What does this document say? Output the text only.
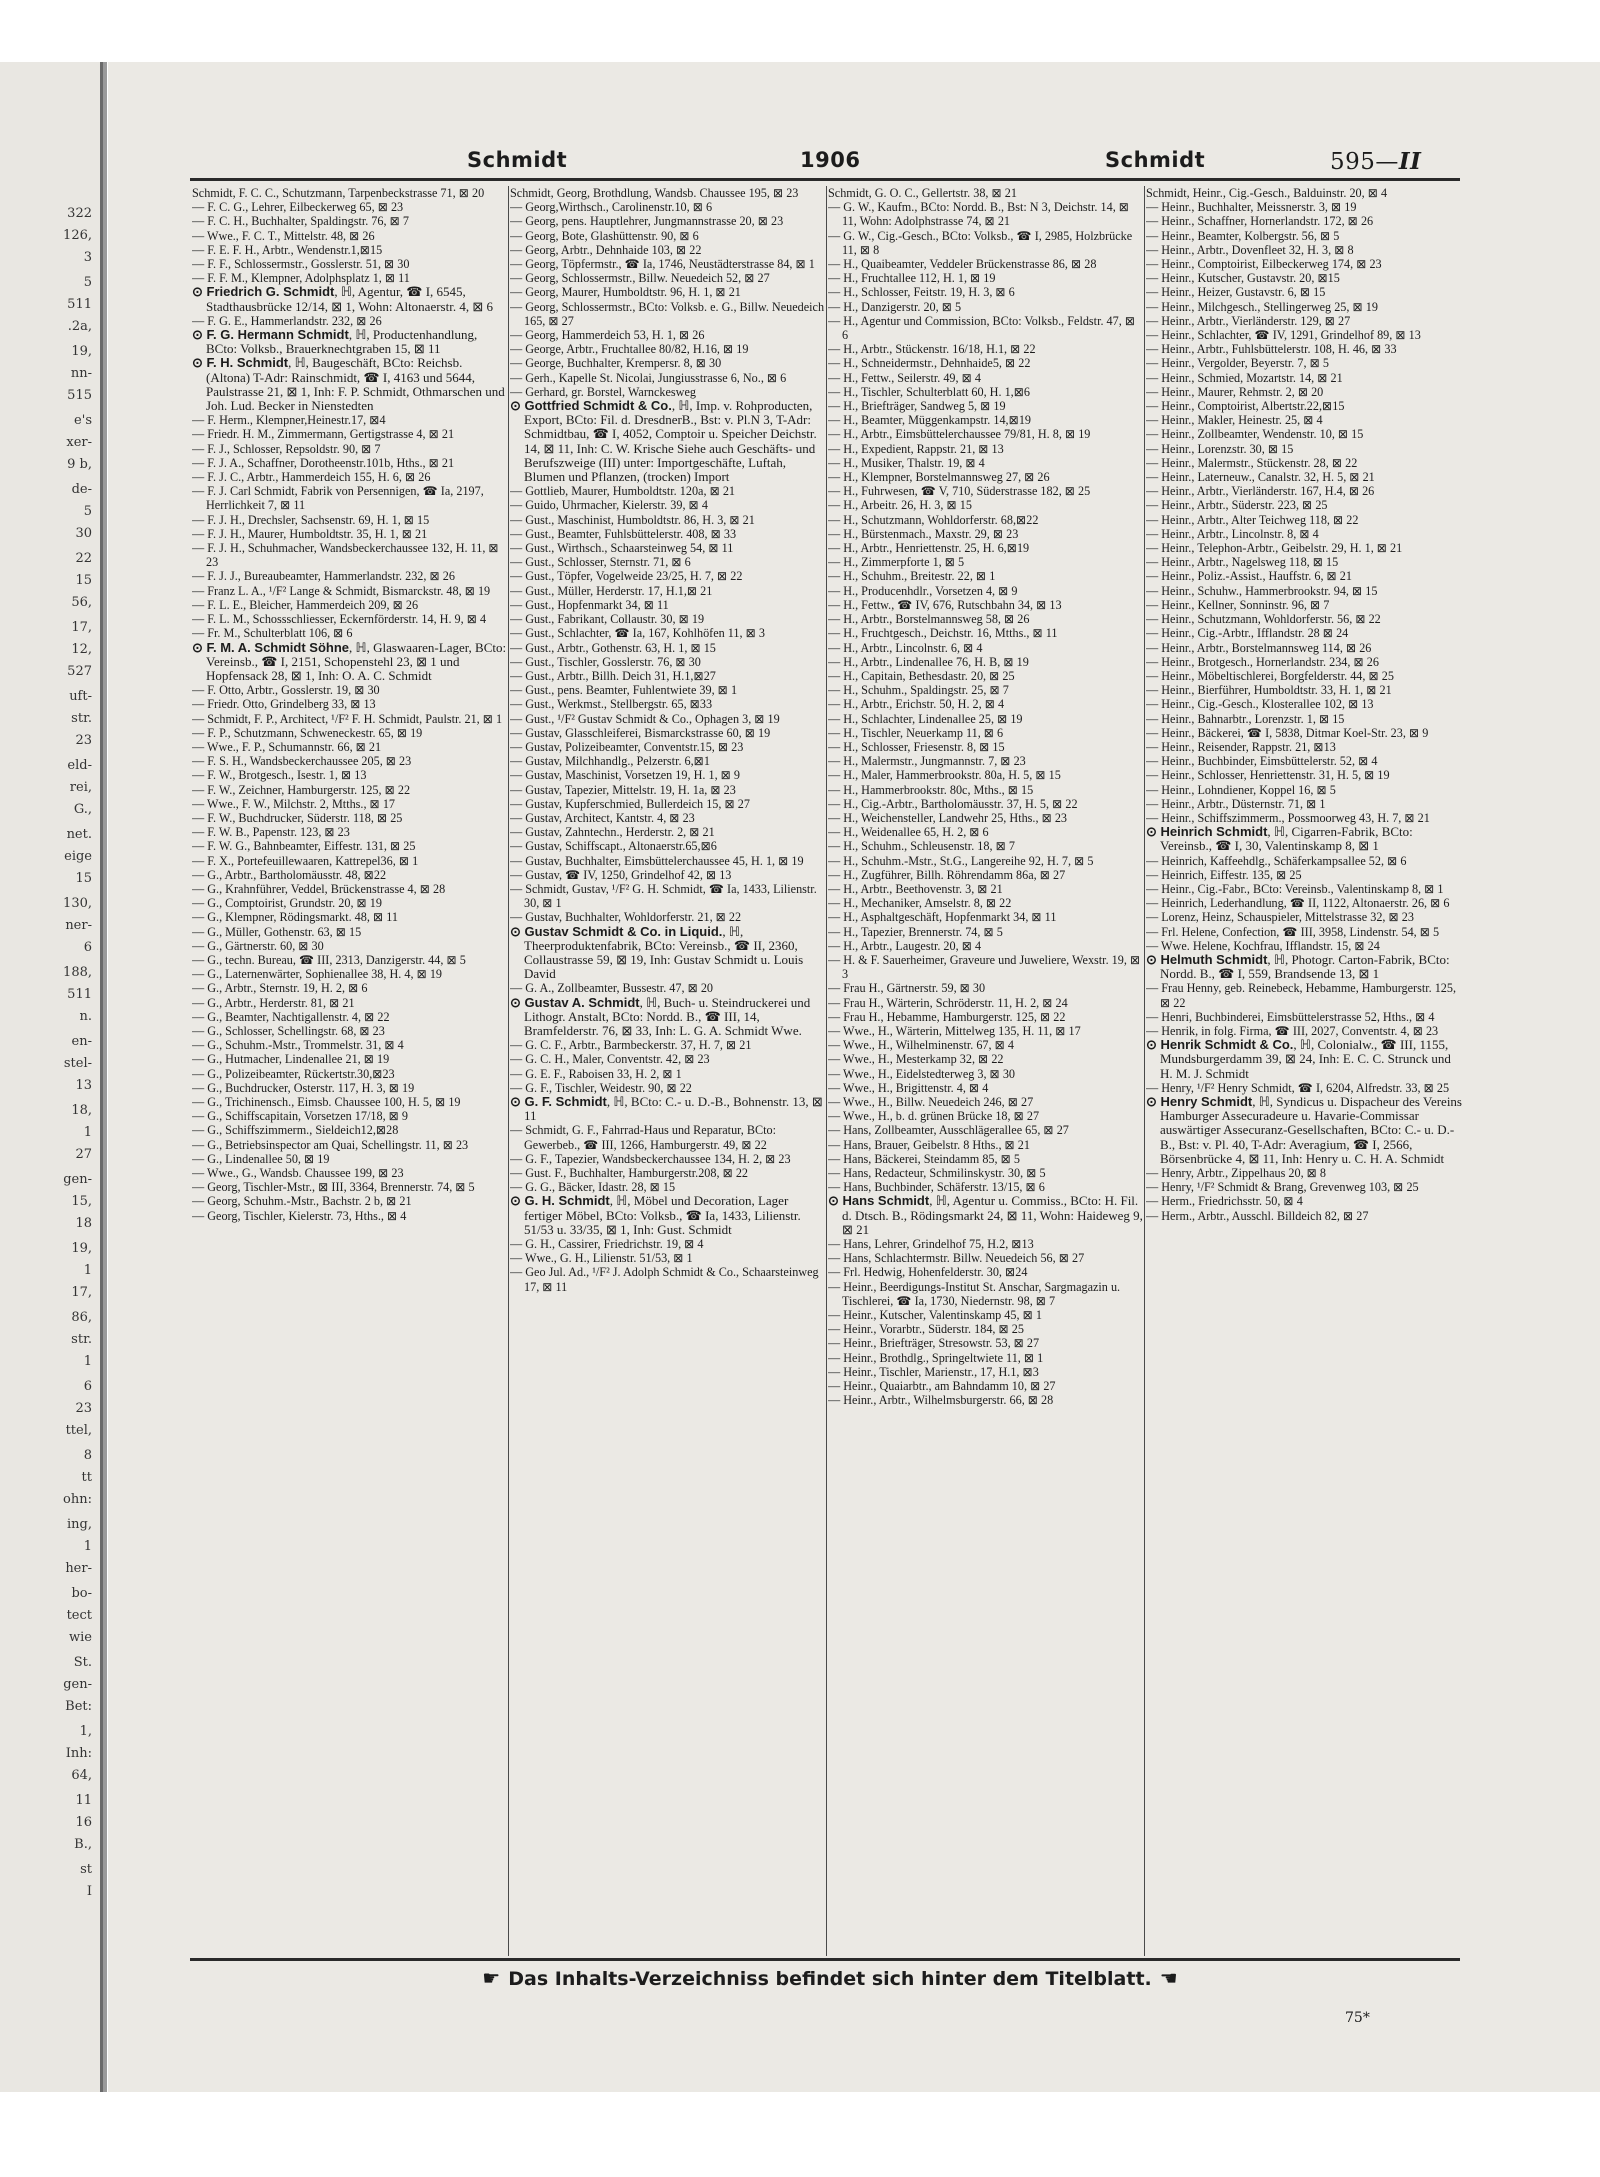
322
126,
3
5
511
.2a,
19,
nn-
515
e's
xer-
9 b,
de-
5
30
22
15
56,
17,
12,
527
uft-
str.
23
eld-
rei,
G.,
net.
eige
15
130,
ner-
6
188,
511
n.
en-
stel-
13
18,
1
27
gen-
15,
18
19,
1
17,
86,
str.
1
6
23
ttel,
8
tt
ohn:
ing,
1
her-
bo-
tect
wie
St.
gen-
Bet:
1,
Inh:
64,
11
16
B.,
st
I
Schmidt	1906	Schmidt	595—II

Schmidt, F. C. C., Schutzmann, Tarpenbeckstrasse 71, ⊠ 20

— F. C. G., Lehrer, Eilbeckerweg 65, ⊠ 23

— F. C. H., Buchhalter, Spaldingstr. 76, ⊠ 7

— Wwe., F. C. T., Mittelstr. 48, ⊠ 26

— F. E. F. H., Arbtr., Wendenstr.1,⊠15

— F. F., Schlossermstr., Gosslerstr. 51, ⊠ 30

— F. F. M., Klempner, Adolphsplatz 1, ⊠ 11

⊙ Friedrich G. Schmidt, ℍ, Agentur, ☎ I, 6545, Stadthausbrücke 12/14, ⊠ 1, Wohn: Altonaerstr. 4, ⊠ 6

— F. G. E., Hammerlandstr. 232, ⊠ 26

⊙ F. G. Hermann Schmidt, ℍ, Productenhandlung, BCto: Volksb., Brauerknechtgraben 15, ⊠ 11

⊙ F. H. Schmidt, ℍ, Baugeschäft, BCto: Reichsb. (Altona) T-Adr: Rainschmidt, ☎ I, 4163 und 5644, Paulstrasse 21, ⊠ 1, Inh: F. P. Schmidt, Othmarschen und Joh. Lud. Becker in Nienstedten

— F. Herm., Klempner,Heinestr.17, ⊠4

— Friedr. H. M., Zimmermann, Gertigstrasse 4, ⊠ 21

— F. J., Schlosser, Repsoldstr. 90, ⊠ 7

— F. J. A., Schaffner, Dorotheenstr.101b, Hths., ⊠ 21

— F. J. C., Arbtr., Hammerdeich 155, H. 6, ⊠ 26

— F. J. Carl Schmidt, Fabrik von Persennigen, ☎ Ia, 2197, Herrlichkeit 7, ⊠ 11

— F. J. H., Drechsler, Sachsenstr. 69, H. 1, ⊠ 15

— F. J. H., Maurer, Humboldtstr. 35, H. 1, ⊠ 21

— F. J. H., Schuhmacher, Wandsbeckerchaussee 132, H. 11, ⊠ 23

— F. J. J., Bureaubeamter, Hammerlandstr. 232, ⊠ 26

— Franz L. A., ¹/F² Lange & Schmidt, Bismarckstr. 48, ⊠ 19

— F. L. E., Bleicher, Hammerdeich 209, ⊠ 26

— F. L. M., Schossschliesser, Eckernförderstr. 14, H. 9, ⊠ 4

— Fr. M., Schulterblatt 106, ⊠ 6

⊙ F. M. A. Schmidt Söhne, ℍ, Glaswaaren-Lager, BCto: Vereinsb., ☎ I, 2151, Schopenstehl 23, ⊠ 1 und Hopfensack 28, ⊠ 1, Inh: O. A. C. Schmidt

— F. Otto, Arbtr., Gosslerstr. 19, ⊠ 30

— Friedr. Otto, Grindelberg 33, ⊠ 13

— Schmidt, F. P., Architect, ¹/F² F. H. Schmidt, Paulstr. 21, ⊠ 1

— F. P., Schutzmann, Schweneckestr. 65, ⊠ 19

— Wwe., F. P., Schumannstr. 66, ⊠ 21

— F. S. H., Wandsbeckerchaussee 205, ⊠ 23

— F. W., Brotgesch., Isestr. 1, ⊠ 13

— F. W., Zeichner, Hamburgerstr. 125, ⊠ 22

— Wwe., F. W., Milchstr. 2, Mtths., ⊠ 17

— F. W., Buchdrucker, Süderstr. 118, ⊠ 25

— F. W. B., Papenstr. 123, ⊠ 23

— F. W. G., Bahnbeamter, Eiffestr. 131, ⊠ 25

— F. X., Portefeuillewaaren, Kattrepel36, ⊠ 1

— G., Arbtr., Bartholomäusstr. 48, ⊠22

— G., Krahnführer, Veddel, Brückenstrasse 4, ⊠ 28

— G., Comptoirist, Grundstr. 20, ⊠ 19

— G., Klempner, Rödingsmarkt. 48, ⊠ 11

— G., Müller, Gothenstr. 63, ⊠ 15

— G., Gärtnerstr. 60, ⊠ 30

— G., techn. Bureau, ☎ III, 2313, Danzigerstr. 44, ⊠ 5

— G., Laternenwärter, Sophienallee 38, H. 4, ⊠ 19

— G., Arbtr., Sternstr. 19, H. 2, ⊠ 6

— G., Arbtr., Herderstr. 81, ⊠ 21

— G., Beamter, Nachtigallenstr. 4, ⊠ 22

— G., Schlosser, Schellingstr. 68, ⊠ 23

— G., Schuhm.-Mstr., Trommelstr. 31, ⊠ 4

— G., Hutmacher, Lindenallee 21, ⊠ 19

— G., Polizeibeamter, Rückertstr.30,⊠23

— G., Buchdrucker, Osterstr. 117, H. 3, ⊠ 19

— G., Trichinensch., Eimsb. Chaussee 100, H. 5, ⊠ 19

— G., Schiffscapitain, Vorsetzen 17/18, ⊠ 9

— G., Schiffszimmerm., Sieldeich12,⊠28

— G., Betriebsinspector am Quai, Schellingstr. 11, ⊠ 23

— G., Lindenallee 50, ⊠ 19

— Wwe., G., Wandsb. Chaussee 199, ⊠ 23

— Georg, Tischler-Mstr., ⊠ III, 3364, Brennerstr. 74, ⊠ 5

— Georg, Schuhm.-Mstr., Bachstr. 2 b, ⊠ 21

— Georg, Tischler, Kielerstr. 73, Hths., ⊠ 4

Schmidt, Georg, Brothdlung, Wandsb. Chaussee 195, ⊠ 23

— Georg,Wirthsch., Carolinenstr.10, ⊠ 6

— Georg, pens. Hauptlehrer, Jungmannstrasse 20, ⊠ 23

— Georg, Bote, Glashüttenstr. 90, ⊠ 6

— Georg, Arbtr., Dehnhaide 103, ⊠ 22

— Georg, Töpfermstr., ☎ Ia, 1746, Neustädterstrasse 84, ⊠ 1

— Georg, Schlossermstr., Billw. Neuedeich 52, ⊠ 27

— Georg, Maurer, Humboldtstr. 96, H. 1, ⊠ 21

— Georg, Schlossermstr., BCto: Volksb. e. G., Billw. Neuedeich 165, ⊠ 27

— Georg, Hammerdeich 53, H. 1, ⊠ 26

— George, Arbtr., Fruchtallee 80/82, H.16, ⊠ 19

— George, Buchhalter, Krempersr. 8, ⊠ 30

— Gerh., Kapelle St. Nicolai, Jungiusstrasse 6, No., ⊠ 6

— Gerhard, gr. Borstel, Warnckesweg

⊙ Gottfried Schmidt & Co., ℍ, Imp. v. Rohproducten, Export, BCto: Fil. d. DresdnerB., Bst: v. Pl.N 3, T-Adr: Schmidtbau, ☎ I, 4052, Comptoir u. Speicher Deichstr. 14, ⊠ 11, Inh: C. W. Krische Siehe auch Geschäfts- und Berufszweige (III) unter: Importgeschäfte, Luftah, Blumen und Pflanzen, (trocken) Import

— Gottlieb, Maurer, Humboldtstr. 120a, ⊠ 21

— Guido, Uhrmacher, Kielerstr. 39, ⊠ 4

— Gust., Maschinist, Humboldtstr. 86, H. 3, ⊠ 21

— Gust., Beamter, Fuhlsbüttelerstr. 408, ⊠ 33

— Gust., Wirthsch., Schaarsteinweg 54, ⊠ 11

— Gust., Schlosser, Sternstr. 71, ⊠ 6

— Gust., Töpfer, Vogelweide 23/25, H. 7, ⊠ 22

— Gust., Müller, Herderstr. 17, H.1,⊠ 21

— Gust., Hopfenmarkt 34, ⊠ 11

— Gust., Fabrikant, Collaustr. 30, ⊠ 19

— Gust., Schlachter, ☎ Ia, 167, Kohlhöfen 11, ⊠ 3

— Gust., Arbtr., Gothenstr. 63, H. 1, ⊠ 15

— Gust., Tischler, Gosslerstr. 76, ⊠ 30

— Gust., Arbtr., Billh. Deich 31, H.1,⊠27

— Gust., pens. Beamter, Fuhlentwiete 39, ⊠ 1

— Gust., Werkmst., Stellbergstr. 65, ⊠33

— Gust., ¹/F² Gustav Schmidt & Co., Ophagen 3, ⊠ 19

— Gustav, Glasschleiferei, Bismarckstrasse 60, ⊠ 19

— Gustav, Polizeibeamter, Conventstr.15, ⊠ 23

— Gustav, Milchhandlg., Pelzerstr. 6,⊠1

— Gustav, Maschinist, Vorsetzen 19, H. 1, ⊠ 9

— Gustav, Tapezier, Mittelstr. 19, H. 1a, ⊠ 23

— Gustav, Kupferschmied, Bullerdeich 15, ⊠ 27

— Gustav, Architect, Kantstr. 4, ⊠ 23

— Gustav, Zahntechn., Herderstr. 2, ⊠ 21

— Gustav, Schiffscapt., Altonaerstr.65,⊠6

— Gustav, Buchhalter, Eimsbüttelerchaussee 45, H. 1, ⊠ 19

— Gustav, ☎ IV, 1250, Grindelhof 42, ⊠ 13

— Schmidt, Gustav, ¹/F² G. H. Schmidt, ☎ Ia, 1433, Lilienstr. 30, ⊠ 1

— Gustav, Buchhalter, Wohldorferstr. 21, ⊠ 22

⊙ Gustav Schmidt & Co. in Liquid., ℍ, Theerproduktenfabrik, BCto: Vereinsb., ☎ II, 2360, Collaustrasse 59, ⊠ 19, Inh: Gustav Schmidt u. Louis David

— G. A., Zollbeamter, Bussestr. 47, ⊠ 20

⊙ Gustav A. Schmidt, ℍ, Buch- u. Steindruckerei und Lithogr. Anstalt, BCto: Nordd. B., ☎ III, 14, Bramfelderstr. 76, ⊠ 33, Inh: L. G. A. Schmidt Wwe.

— G. C. F., Arbtr., Barmbeckerstr. 37, H. 7, ⊠ 21

— G. C. H., Maler, Conventstr. 42, ⊠ 23

— G. E. F., Raboisen 33, H. 2, ⊠ 1

— G. F., Tischler, Weidestr. 90, ⊠ 22

⊙ G. F. Schmidt, ℍ, BCto: C.- u. D.-B., Bohnenstr. 13, ⊠ 11

— Schmidt, G. F., Fahrrad-Haus und Reparatur, BCto: Gewerbeb., ☎ III, 1266, Hamburgerstr. 49, ⊠ 22

— G. F., Tapezier, Wandsbeckerchaussee 134, H. 2, ⊠ 23

— Gust. F., Buchhalter, Hamburgerstr.208, ⊠ 22

— G. G., Bäcker, Idastr. 28, ⊠ 15

⊙ G. H. Schmidt, ℍ, Möbel und Decoration, Lager fertiger Möbel, BCto: Volksb., ☎ Ia, 1433, Lilienstr. 51/53 u. 33/35, ⊠ 1, Inh: Gust. Schmidt

— G. H., Cassirer, Friedrichstr. 19, ⊠ 4

— Wwe., G. H., Lilienstr. 51/53, ⊠ 1

— Geo Jul. Ad., ¹/F² J. Adolph Schmidt & Co., Schaarsteinweg 17, ⊠ 11

Schmidt, G. O. C., Gellertstr. 38, ⊠ 21

— G. W., Kaufm., BCto: Nordd. B., Bst: N 3, Deichstr. 14, ⊠ 11, Wohn: Adolphstrasse 74, ⊠ 21

— G. W., Cig.-Gesch., BCto: Volksb., ☎ I, 2985, Holzbrücke 11, ⊠ 8

— H., Quaibeamter, Veddeler Brückenstrasse 86, ⊠ 28

— H., Fruchtallee 112, H. 1, ⊠ 19

— H., Schlosser, Feitstr. 19, H. 3, ⊠ 6

— H., Danzigerstr. 20, ⊠ 5

— H., Agentur und Commission, BCto: Volksb., Feldstr. 47, ⊠ 6

— H., Arbtr., Stückenstr. 16/18, H.1, ⊠ 22

— H., Schneidermstr., Dehnhaide5, ⊠ 22

— H., Fettw., Seilerstr. 49, ⊠ 4

— H., Tischler, Schulterblatt 60, H. 1,⊠6

— H., Briefträger, Sandweg 5, ⊠ 19

— H., Beamter, Müggenkampstr. 14,⊠19

— H., Arbtr., Eimsbüttelerchaussee 79/81, H. 8, ⊠ 19

— H., Expedient, Rappstr. 21, ⊠ 13

— H., Musiker, Thalstr. 19, ⊠ 4

— H., Klempner, Borstelmannsweg 27, ⊠ 26

— H., Fuhrwesen, ☎ V, 710, Süderstrasse 182, ⊠ 25

— H., Arbeitr. 26, H. 3, ⊠ 15

— H., Schutzmann, Wohldorferstr. 68,⊠22

— H., Bürstenmach., Maxstr. 29, ⊠ 23

— H., Arbtr., Henriettenstr. 25, H. 6,⊠19

— H., Zimmerpforte 1, ⊠ 5

— H., Schuhm., Breitestr. 22, ⊠ 1

— H., Producenhdlr., Vorsetzen 4, ⊠ 9

— H., Fettw., ☎ IV, 676, Rutschbahn 34, ⊠ 13

— H., Arbtr., Borstelmannsweg 58, ⊠ 26

— H., Fruchtgesch., Deichstr. 16, Mtths., ⊠ 11

— H., Arbtr., Lincolnstr. 6, ⊠ 4

— H., Arbtr., Lindenallee 76, H. B, ⊠ 19

— H., Capitain, Bethesdastr. 20, ⊠ 25

— H., Schuhm., Spaldingstr. 25, ⊠ 7

— H., Arbtr., Erichstr. 50, H. 2, ⊠ 4

— H., Schlachter, Lindenallee 25, ⊠ 19

— H., Tischler, Neuerkamp 11, ⊠ 6

— H., Schlosser, Friesenstr. 8, ⊠ 15

— H., Malermstr., Jungmannstr. 7, ⊠ 23

— H., Maler, Hammerbrookstr. 80a, H. 5, ⊠ 15

— H., Hammerbrookstr. 80c, Mths., ⊠ 15

— H., Cig.-Arbtr., Bartholomäusstr. 37, H. 5, ⊠ 22

— H., Weichensteller, Landwehr 25, Hths., ⊠ 23

— H., Weidenallee 65, H. 2, ⊠ 6

— H., Schuhm., Schleusenstr. 18, ⊠ 7

— H., Schuhm.-Mstr., St.G., Langereihe 92, H. 7, ⊠ 5

— H., Zugführer, Billh. Röhrendamm 86a, ⊠ 27

— H., Arbtr., Beethovenstr. 3, ⊠ 21

— H., Mechaniker, Amselstr. 8, ⊠ 22

— H., Asphaltgeschäft, Hopfenmarkt 34, ⊠ 11

— H., Tapezier, Brennerstr. 74, ⊠ 5

— H., Arbtr., Laugestr. 20, ⊠ 4

— H. & F. Sauerheimer, Graveure und Juweliere, Wexstr. 19, ⊠ 3

— Frau H., Gärtnerstr. 59, ⊠ 30

— Frau H., Wärterin, Schröderstr. 11, H. 2, ⊠ 24

— Frau H., Hebamme, Hamburgerstr. 125, ⊠ 22

— Wwe., H., Wärterin, Mittelweg 135, H. 11, ⊠ 17

— Wwe., H., Wilhelminenstr. 67, ⊠ 4

— Wwe., H., Mesterkamp 32, ⊠ 22

— Wwe., H., Eidelstedterweg 3, ⊠ 30

— Wwe., H., Brigittenstr. 4, ⊠ 4

— Wwe., H., Billw. Neuedeich 246, ⊠ 27

— Wwe., H., b. d. grünen Brücke 18, ⊠ 27

— Hans, Zollbeamter, Ausschlägerallee 65, ⊠ 27

— Hans, Brauer, Geibelstr. 8 Hths., ⊠ 21

— Hans, Bäckerei, Steindamm 85, ⊠ 5

— Hans, Redacteur, Schmilinskystr. 30, ⊠ 5

— Hans, Buchbinder, Schäferstr. 13/15, ⊠ 6

⊙ Hans Schmidt, ℍ, Agentur u. Commiss., BCto: H. Fil. d. Dtsch. B., Rödingsmarkt 24, ⊠ 11, Wohn: Haideweg 9, ⊠ 21

— Hans, Lehrer, Grindelhof 75, H.2, ⊠13

— Hans, Schlachtermstr. Billw. Neuedeich 56, ⊠ 27

— Frl. Hedwig, Hohenfelderstr. 30, ⊠24

— Heinr., Beerdigungs-Institut St. Anschar, Sargmagazin u. Tischlerei, ☎ Ia, 1730, Niedernstr. 98, ⊠ 7

— Heinr., Kutscher, Valentinskamp 45, ⊠ 1

— Heinr., Vorarbtr., Süderstr. 184, ⊠ 25

— Heinr., Briefträger, Stresowstr. 53, ⊠ 27

— Heinr., Brothdlg., Springeltwiete 11, ⊠ 1

— Heinr., Tischler, Marienstr., 17, H.1, ⊠3

— Heinr., Quaiarbtr., am Bahndamm 10, ⊠ 27

— Heinr., Arbtr., Wilhelmsburgerstr. 66, ⊠ 28

Schmidt, Heinr., Cig.-Gesch., Balduinstr. 20, ⊠ 4

— Heinr., Buchhalter, Meissnerstr. 3, ⊠ 19

— Heinr., Schaffner, Hornerlandstr. 172, ⊠ 26

— Heinr., Beamter, Kolbergstr. 56, ⊠ 5

— Heinr., Arbtr., Dovenfleet 32, H. 3, ⊠ 8

— Heinr., Comptoirist, Eilbeckerweg 174, ⊠ 23

— Heinr., Kutscher, Gustavstr. 20, ⊠15

— Heinr., Heizer, Gustavstr. 6, ⊠ 15

— Heinr., Milchgesch., Stellingerweg 25, ⊠ 19

— Heinr., Arbtr., Vierländerstr. 129, ⊠ 27

— Heinr., Schlachter, ☎ IV, 1291, Grindelhof 89, ⊠ 13

— Heinr., Arbtr., Fuhlsbüttelerstr. 108, H. 46, ⊠ 33

— Heinr., Vergolder, Beyerstr. 7, ⊠ 5

— Heinr., Schmied, Mozartstr. 14, ⊠ 21

— Heinr., Maurer, Rehmstr. 2, ⊠ 20

— Heinr., Comptoirist, Albertstr.22,⊠15

— Heinr., Makler, Heinestr. 25, ⊠ 4

— Heinr., Zollbeamter, Wendenstr. 10, ⊠ 15

— Heinr., Lorenzstr. 30, ⊠ 15

— Heinr., Malermstr., Stückenstr. 28, ⊠ 22

— Heinr., Laterneuw., Canalstr. 32, H. 5, ⊠ 21

— Heinr., Arbtr., Vierländerstr. 167, H.4, ⊠ 26

— Heinr., Arbtr., Süderstr. 223, ⊠ 25

— Heinr., Arbtr., Alter Teichweg 118, ⊠ 22

— Heinr., Arbtr., Lincolnstr. 8, ⊠ 4

— Heinr., Telephon-Arbtr., Geibelstr. 29, H. 1, ⊠ 21

— Heinr., Arbtr., Nagelsweg 118, ⊠ 15

— Heinr., Poliz.-Assist., Hauffstr. 6, ⊠ 21

— Heinr., Schuhw., Hammerbrookstr. 94, ⊠ 15

— Heinr., Kellner, Sonninstr. 96, ⊠ 7

— Heinr., Schutzmann, Wohldorferstr. 56, ⊠ 22

— Heinr., Cig.-Arbtr., Ifflandstr. 28 ⊠ 24

— Heinr., Arbtr., Borstelmannsweg 114, ⊠ 26

— Heinr., Brotgesch., Hornerlandstr. 234, ⊠ 26

— Heinr., Möbeltischlerei, Borgfelderstr. 44, ⊠ 25

— Heinr., Bierführer, Humboldtstr. 33, H. 1, ⊠ 21

— Heinr., Cig.-Gesch., Klosterallee 102, ⊠ 13

— Heinr., Bahnarbtr., Lorenzstr. 1, ⊠ 15

— Heinr., Bäckerei, ☎ I, 5838, Ditmar Koel-Str. 23, ⊠ 9

— Heinr., Reisender, Rappstr. 21, ⊠13

— Heinr., Buchbinder, Eimsbüttelerstr. 52, ⊠ 4

— Heinr., Schlosser, Henriettenstr. 31, H. 5, ⊠ 19

— Heinr., Lohndiener, Koppel 16, ⊠ 5

— Heinr., Arbtr., Düsternstr. 71, ⊠ 1

— Heinr., Schiffszimmerm., Possmoorweg 43, H. 7, ⊠ 21

⊙ Heinrich Schmidt, ℍ, Cigarren-Fabrik, BCto: Vereinsb., ☎ I, 30, Valentinskamp 8, ⊠ 1

— Heinrich, Kaffeehdlg., Schäferkampsallee 52, ⊠ 6

— Heinrich, Eiffestr. 135, ⊠ 25

— Heinr., Cig.-Fabr., BCto: Vereinsb., Valentinskamp 8, ⊠ 1

— Heinrich, Lederhandlung, ☎ II, 1122, Altonaerstr. 26, ⊠ 6

— Lorenz, Heinz, Schauspieler, Mittelstrasse 32, ⊠ 23

— Frl. Helene, Confection, ☎ III, 3958, Lindenstr. 54, ⊠ 5

— Wwe. Helene, Kochfrau, Ifflandstr. 15, ⊠ 24

⊙ Helmuth Schmidt, ℍ, Photogr. Carton-Fabrik, BCto: Nordd. B., ☎ I, 559, Brandsende 13, ⊠ 1

— Frau Henny, geb. Reinebeck, Hebamme, Hamburgerstr. 125, ⊠ 22

— Henri, Buchbinderei, Eimsbüttelerstrasse 52, Hths., ⊠ 4

— Henrik, in folg. Firma, ☎ III, 2027, Conventstr. 4, ⊠ 23

⊙ Henrik Schmidt & Co., ℍ, Colonialw., ☎ III, 1155, Mundsburgerdamm 39, ⊠ 24, Inh: E. C. C. Strunck und H. M. J. Schmidt

— Henry, ¹/F² Henry Schmidt, ☎ I, 6204, Alfredstr. 33, ⊠ 25

⊙ Henry Schmidt, ℍ, Syndicus u. Dispacheur des Vereins Hamburger Assecuradeure u. Havarie-Commissar auswärtiger Assecuranz-Gesellschaften, BCto: C.- u. D.-B., Bst: v. Pl. 40, T-Adr: Averagium, ☎ I, 2566, Börsenbrücke 4, ⊠ 11, Inh: Henry u. C. H. A. Schmidt

— Henry, Arbtr., Zippelhaus 20, ⊠ 8

— Henry, ¹/F² Schmidt & Brang, Grevenweg 103, ⊠ 25

— Herm., Friedrichsstr. 50, ⊠ 4

— Herm., Arbtr., Ausschl. Billdeich 82, ⊠ 27

☛ Das Inhalts-Verzeichniss befindet sich hinter dem Titelblatt. ☚
75*
